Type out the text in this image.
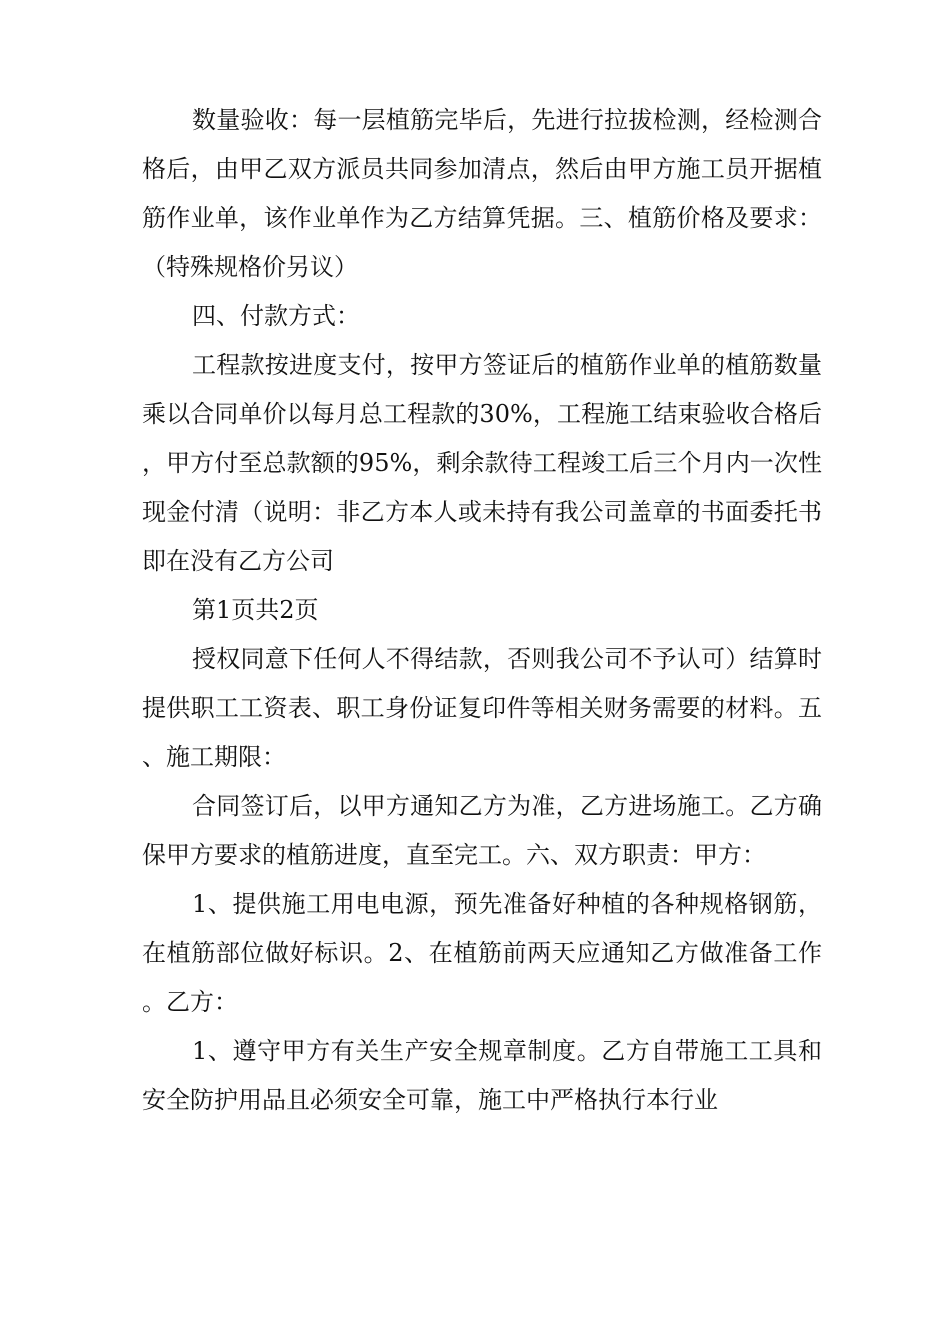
数量验收：每一层植筋完毕后，先进行拉拔检测，经检测合格后，由甲乙双方派员共同参加清点，然后由甲方施工员开据植筋作业单，该作业单作为乙方结算凭据。三、植筋价格及要求：（特殊规格价另议）

四、付款方式：

工程款按进度支付，按甲方签证后的植筋作业单的植筋数量乘以合同单价以每月总工程款的30%，工程施工结束验收合格后，甲方付至总款额的95%，剩余款待工程竣工后三个月内一次性现金付清（说明：非乙方本人或未持有我公司盖章的书面委托书即在没有乙方公司

第1页共2页

授权同意下任何人不得结款，否则我公司不予认可）结算时提供职工工资表、职工身份证复印件等相关财务需要的材料。五、施工期限：

合同签订后，以甲方通知乙方为准，乙方进场施工。乙方确保甲方要求的植筋进度，直至完工。六、双方职责：甲方：

1、提供施工用电电源，预先准备好种植的各种规格钢筋，在植筋部位做好标识。2、在植筋前两天应通知乙方做准备工作。乙方：

1、遵守甲方有关生产安全规章制度。乙方自带施工工具和安全防护用品且必须安全可靠，施工中严格执行本行业
